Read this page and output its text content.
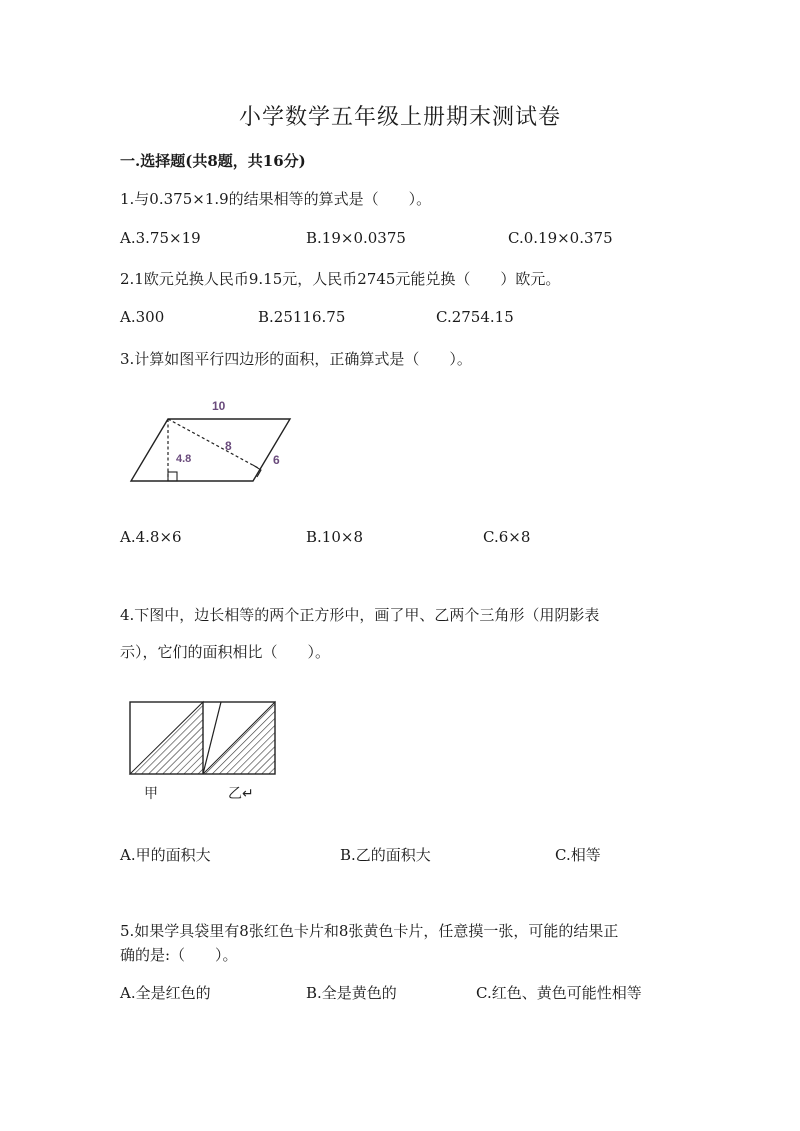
小学数学五年级上册期末测试卷
一.选择题(共8题，共16分)
1.与0.375×1.9的结果相等的算式是（　　）。
A.3.75×19	B.19×0.0375	C.0.19×0.375
2.1欧元兑换人民币9.15元，人民币2745元能兑换（　　）欧元。
A.300	B.25116.75	C.2754.15
3.计算如图平行四边形的面积，正确算式是（　　）。
10
8
4.8	6
A.4.8×6	B.10×8	C.6×8
4.下图中，边长相等的两个正方形中，画了甲、乙两个三角形（用阴影表
示），它们的面积相比（　　）。
甲	乙↵
A.甲的面积大	B.乙的面积大	C.相等
5.如果学具袋里有8张红色卡片和8张黄色卡片，任意摸一张，可能的结果正
确的是:（　　）。
A.全是红色的	B.全是黄色的	C.红色、黄色可能性相等
